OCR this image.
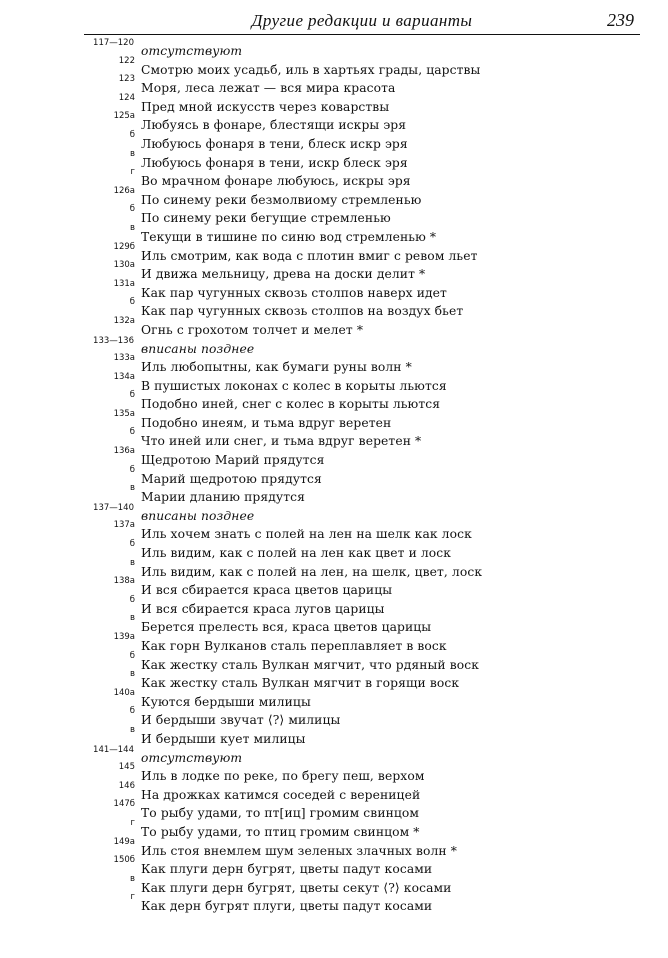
Другие редакции и варианты	239
117—120
отсутствуют
122
Смотрю моих усадьб, иль в хартьях грады, царствы
123
Моря, леса лежат — вся мира красота
124
Пред мной искусств через коварствы
125а
Любуясь в фонаре, блестящи искры эря
б
Любуюсь фонаря в тени, блеск искр эря
в
Любуюсь фонаря в тени, искр блеск эря
г
Во мрачном фонаре любуюсь, искры эря
126а
По синему реки безмолвиому стремленью
б
По синему реки бегущие стремленью
в
Текущи в тишине по синю вод стремленью *
129б
Иль смотрим, как вода с плотин вмиг с ревом льет
130а
И движа мельницу, древа на доски делит *
131а
Как пар чугунных сквозь столпов наверх идет
б
Как пар чугунных сквозь столпов на воздух бьет
132а
Огнь с грохотом толчет и мелет *
133—136
вписаны позднее
133а
Иль любопытны, как бумаги руны волн *
134а
В пушистых локонах с колес в корыты льются
б
Подобно иней, снег с колес в корыты льются
135а
Подобно инеям, и тьма вдруг веретен
б
Что иней или снег, и тьма вдруг веретен *
136а
Щедротою Марий прядутся
б
Марий щедротою прядутся
в
Марии дланию прядутся
137—140
вписаны позднее
137а
Иль хочем знать с полей на лен на шелк как лоск
б
Иль видим, как с полей на лен как цвет и лоск
в
Иль видим, как с полей на лен, на шелк, цвет, лоск
138а
И вся сбирается краса цветов царицы
б
И вся сбирается краса лугов царицы
в
Берется прелесть вся, краса цветов царицы
139а
Как горн Вулканов сталь переплавляет в воск
б
Как жестку сталь Вулкан мягчит, что рдяный воск
в
Как жестку сталь Вулкан мягчит в горящи воск
140а
Куются бердыши милицы
б
И бердыши звучат ⟨?⟩ милицы
в
И бердыши кует милицы
141—144
отсутствуют
145
Иль в лодке по реке, по брегу пеш, верхом
146
На дрожках катимся соседей с вереницей
147б
То рыбу удами, то пт[иц] громим свинцом
г
То рыбу удами, то птиц громим свинцом *
149а
Иль стоя внемлем шум зеленых злачных волн *
150б
Как плуги дерн бугрят, цветы падут косами
в
Как плуги дерн бугрят, цветы секут ⟨?⟩ косами
г
Как дерн бугрят плуги, цветы падут косами
